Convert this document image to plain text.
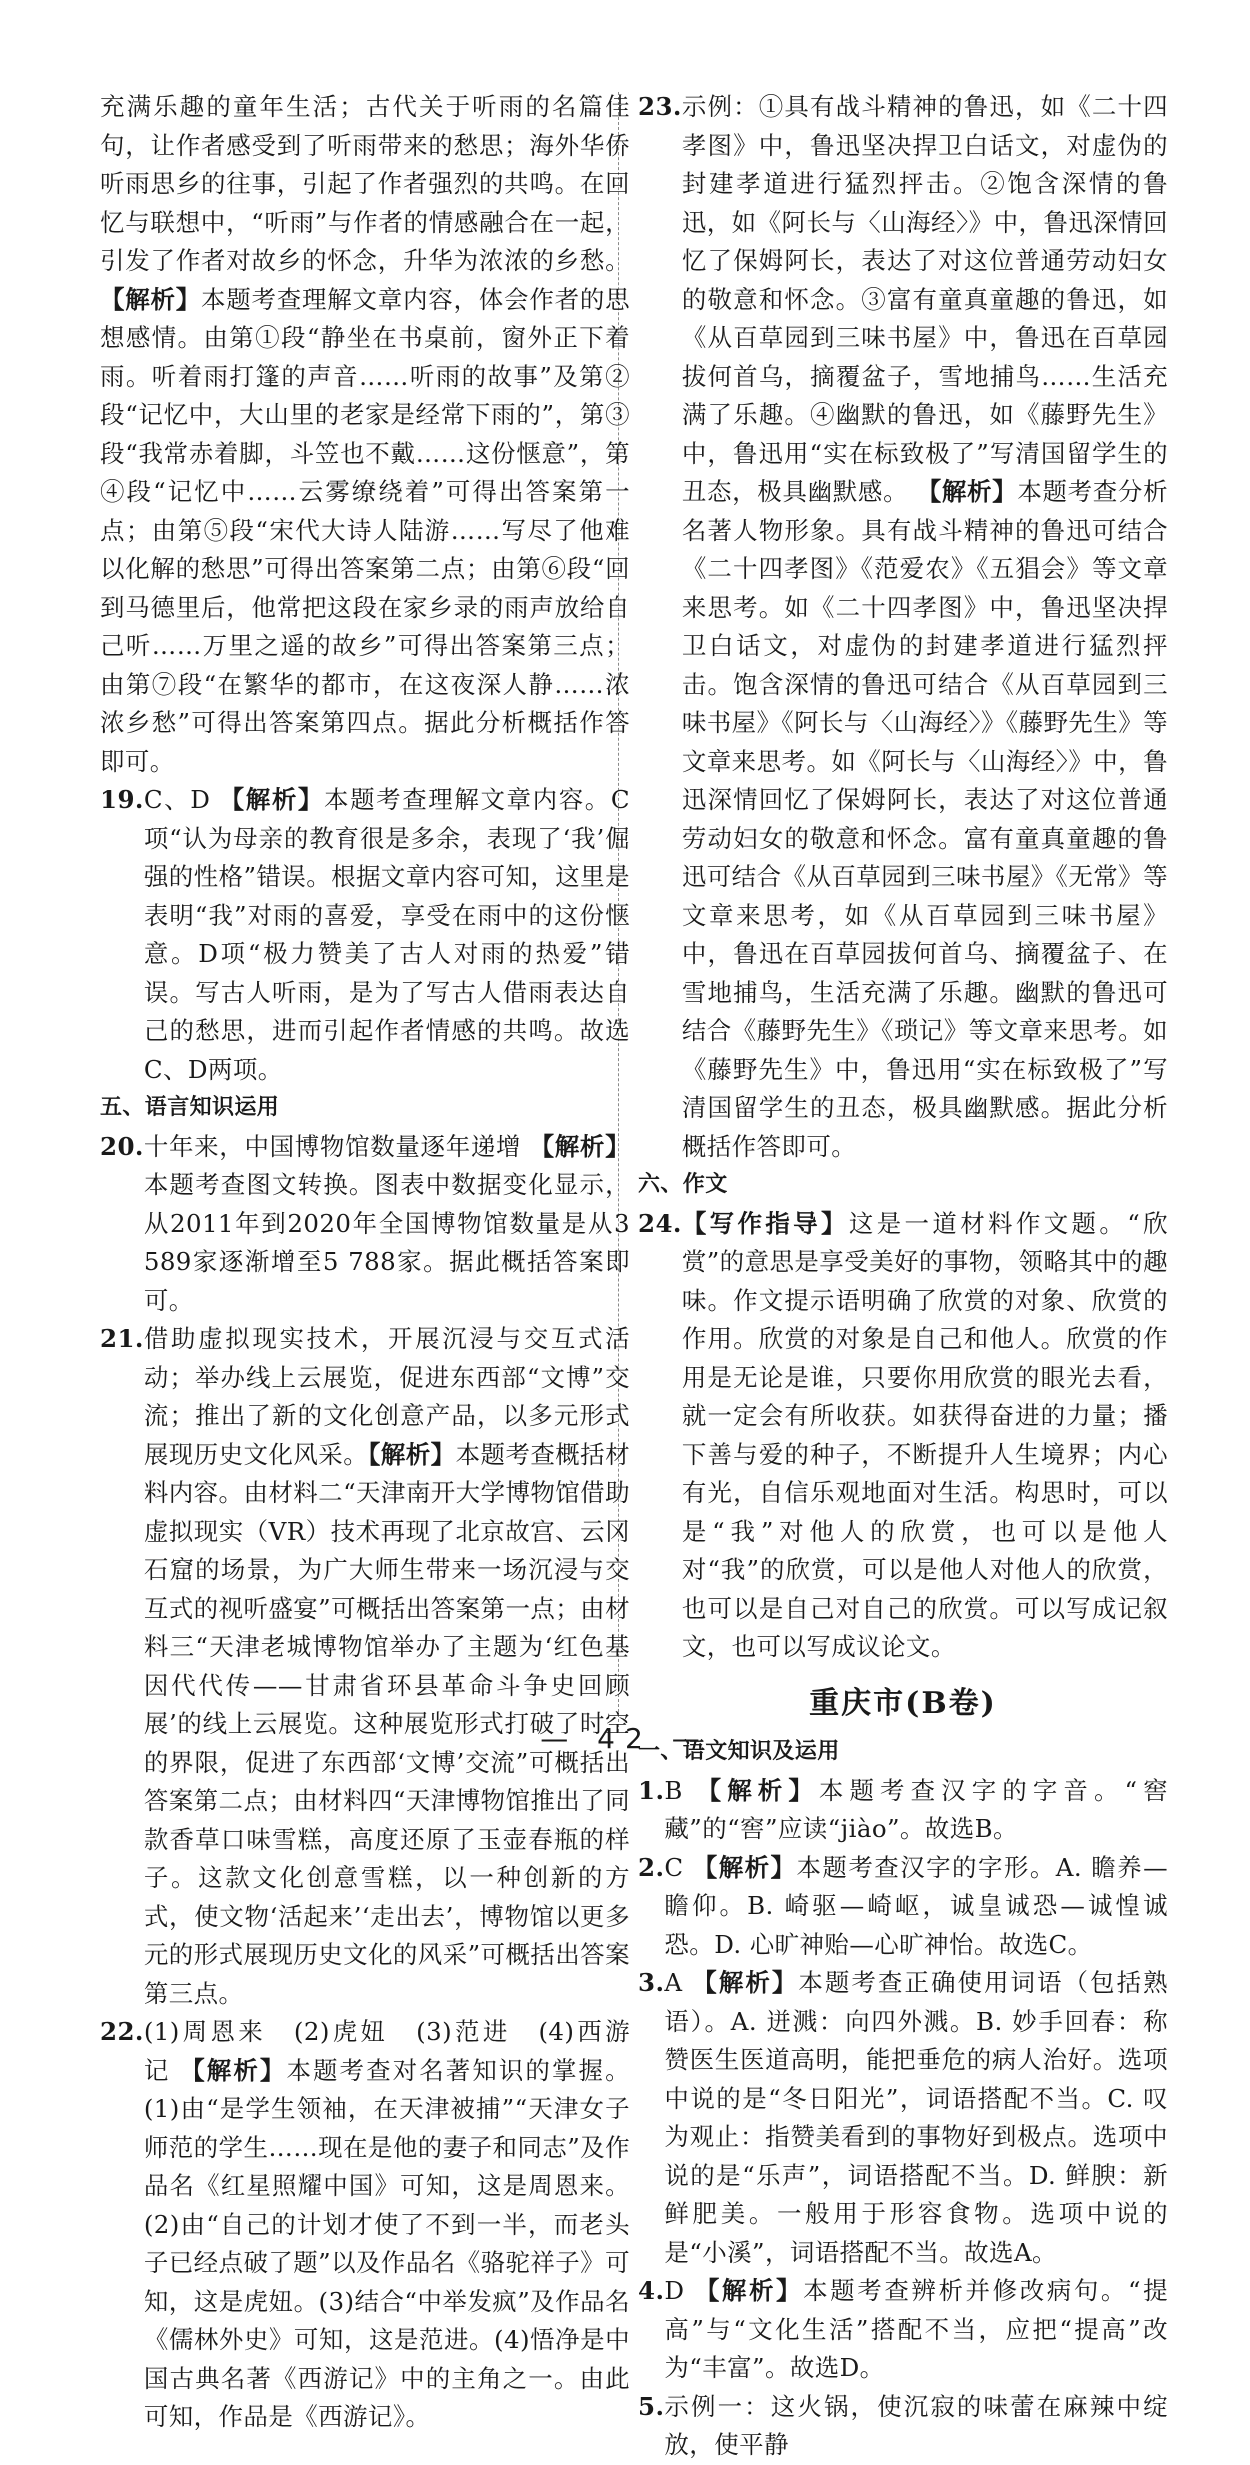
充满乐趣的童年生活；古代关于听雨的名篇佳句，让作者感受到了听雨带来的愁思；海外华侨听雨思乡的往事，引起了作者强烈的共鸣。在回忆与联想中，“听雨”与作者的情感融合在一起，引发了作者对故乡的怀念，升华为浓浓的乡愁。【解析】本题考查理解文章内容，体会作者的思想感情。由第①段“静坐在书桌前，窗外正下着雨。听着雨打篷的声音……听雨的故事”及第②段“记忆中，大山里的老家是经常下雨的”，第③段“我常赤着脚，斗笠也不戴……这份惬意”，第④段“记忆中……云雾缭绕着”可得出答案第一点；由第⑤段“宋代大诗人陆游……写尽了他难以化解的愁思”可得出答案第二点；由第⑥段“回到马德里后，他常把这段在家乡录的雨声放给自己听……万里之遥的故乡”可得出答案第三点；由第⑦段“在繁华的都市，在这夜深人静……浓浓乡愁”可得出答案第四点。据此分析概括作答即可。

19. C、D 【解析】本题考查理解文章内容。C项“认为母亲的教育很是多余，表现了‘我’倔强的性格”错误。根据文章内容可知，这里是表明“我”对雨的喜爱，享受在雨中的这份惬意。D项“极力赞美了古人对雨的热爱”错误。写古人听雨，是为了写古人借雨表达自己的愁思，进而引起作者情感的共鸣。故选C、D两项。
五、语言知识运用
20. 十年来，中国博物馆数量逐年递增 【解析】本题考查图文转换。图表中数据变化显示，从2011年到2020年全国博物馆数量是从3 589家逐渐增至5 788家。据此概括答案即可。
21. 借助虚拟现实技术，开展沉浸与交互式活动；举办线上云展览，促进东西部“文博”交流；推出了新的文化创意产品，以多元形式展现历史文化风采。【解析】本题考查概括材料内容。由材料二“天津南开大学博物馆借助虚拟现实（VR）技术再现了北京故宫、云冈石窟的场景，为广大师生带来一场沉浸与交互式的视听盛宴”可概括出答案第一点；由材料三“天津老城博物馆举办了主题为‘红色基因代代传——甘肃省环县革命斗争史回顾展’的线上云展览。这种展览形式打破了时空的界限，促进了东西部‘文博’交流”可概括出答案第二点；由材料四“天津博物馆推出了同款香草口味雪糕，高度还原了玉壶春瓶的样子。这款文化创意雪糕，以一种创新的方式，使文物‘活起来’‘走出去’，博物馆以更多元的形式展现历史文化的风采”可概括出答案第三点。
22. (1)周恩来　(2)虎妞　(3)范进　(4)西游记 【解析】本题考查对名著知识的掌握。(1)由“是学生领袖，在天津被捕”“天津女子师范的学生……现在是他的妻子和同志”及作品名《红星照耀中国》可知，这是周恩来。(2)由“自己的计划才使了不到一半，而老头子已经点破了题”以及作品名《骆驼祥子》可知，这是虎妞。(3)结合“中举发疯”及作品名《儒林外史》可知，这是范进。(4)悟净是中国古典名著《西游记》中的主角之一。由此可知，作品是《西游记》。
23. 示例：①具有战斗精神的鲁迅，如《二十四孝图》中，鲁迅坚决捍卫白话文，对虚伪的封建孝道进行猛烈抨击。②饱含深情的鲁迅，如《阿长与〈山海经〉》中，鲁迅深情回忆了保姆阿长，表达了对这位普通劳动妇女的敬意和怀念。③富有童真童趣的鲁迅，如《从百草园到三味书屋》中，鲁迅在百草园拔何首乌，摘覆盆子，雪地捕鸟……生活充满了乐趣。④幽默的鲁迅，如《藤野先生》中，鲁迅用“实在标致极了”写清国留学生的丑态，极具幽默感。 【解析】本题考查分析名著人物形象。具有战斗精神的鲁迅可结合《二十四孝图》《范爱农》《五猖会》等文章来思考。如《二十四孝图》中，鲁迅坚决捍卫白话文，对虚伪的封建孝道进行猛烈抨击。饱含深情的鲁迅可结合《从百草园到三味书屋》《阿长与〈山海经〉》《藤野先生》等文章来思考。如《阿长与〈山海经〉》中，鲁迅深情回忆了保姆阿长，表达了对这位普通劳动妇女的敬意和怀念。富有童真童趣的鲁迅可结合《从百草园到三味书屋》《无常》等文章来思考，如《从百草园到三味书屋》中，鲁迅在百草园拔何首乌、摘覆盆子、在雪地捕鸟，生活充满了乐趣。幽默的鲁迅可结合《藤野先生》《琐记》等文章来思考。如《藤野先生》中，鲁迅用“实在标致极了”写清国留学生的丑态，极具幽默感。据此分析概括作答即可。
六、作文
24. 【写作指导】这是一道材料作文题。“欣赏”的意思是享受美好的事物，领略其中的趣味。作文提示语明确了欣赏的对象、欣赏的作用。欣赏的对象是自己和他人。欣赏的作用是无论是谁，只要你用欣赏的眼光去看，就一定会有所收获。如获得奋进的力量；播下善与爱的种子，不断提升人生境界；内心有光，自信乐观地面对生活。构思时，可以是“我”对他人的欣赏，也可以是他人对“我”的欣赏，可以是他人对他人的欣赏，也可以是自己对自己的欣赏。可以写成记叙文，也可以写成议论文。
重庆市(B卷)
一、语文知识及运用
1. B 【解析】本题考查汉字的字音。“窖藏”的“窖”应读“jiào”。故选B。
2. C 【解析】本题考查汉字的字形。A. 瞻养—瞻仰。B. 崎驱—崎岖，诚皇诚恐—诚惶诚恐。D. 心旷神贻—心旷神怡。故选C。
3. A 【解析】本题考查正确使用词语（包括熟语）。A. 迸溅：向四外溅。B. 妙手回春：称赞医生医道高明，能把垂危的病人治好。选项中说的是“冬日阳光”，词语搭配不当。C. 叹为观止：指赞美看到的事物好到极点。选项中说的是“乐声”，词语搭配不当。D. 鲜腴：新鲜肥美。一般用于形容食物。选项中说的是“小溪”，词语搭配不当。故选A。
4. D 【解析】本题考查辨析并修改病句。“提高”与“文化生活”搭配不当，应把“提高”改为“丰富”。故选D。
5. 示例一：这火锅，使沉寂的味蕾在麻辣中绽放，使平静
— 42 —
